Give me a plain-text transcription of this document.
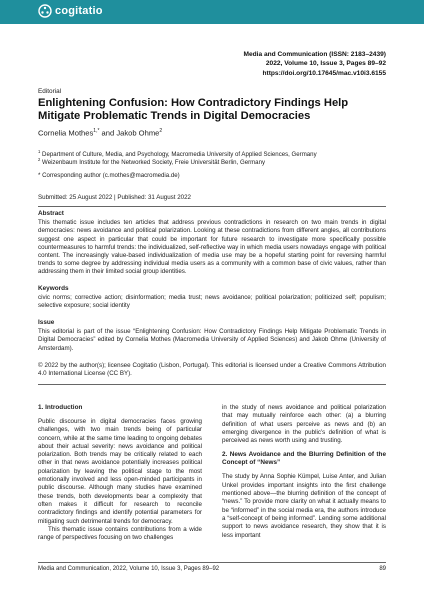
cogitatio
Media and Communication (ISSN: 2183–2439)
2022, Volume 10, Issue 3, Pages 89–92
https://doi.org/10.17645/mac.v10i3.6155
Editorial
Enlightening Confusion: How Contradictory Findings Help Mitigate Problematic Trends in Digital Democracies
Cornelia Mothes$^{1,*}$ and Jakob Ohme$^2$
$^1$ Department of Culture, Media, and Psychology, Macromedia University of Applied Sciences, Germany
$^2$ Weizenbaum Institute for the Networked Society, Freie Universität Berlin, Germany
* Corresponding author (c.mothes@macromedia.de)
Submitted: 25 August 2022 | Published: 31 August 2022
Abstract
This thematic issue includes ten articles that address previous contradictions in research on two main trends in digital democracies: news avoidance and political polarization. Looking at these contradictions from different angles, all contributions suggest one aspect in particular that could be important for future research to investigate more specifically possible countermeasures to harmful trends: the individualized, self-reflective way in which media users nowadays engage with political content. The increasingly value-based individualization of media use may be a hopeful starting point for reversing harmful trends to some degree by addressing individual media users as a community with a common base of civic values, rather than addressing them in their limited social group identities.
Keywords
civic norms; corrective action; disinformation; media trust; news avoidance; political polarization; politicized self; populism; selective exposure; social identity
Issue
This editorial is part of the issue “Enlightening Confusion: How Contradictory Findings Help Mitigate Problematic Trends in Digital Democracies” edited by Cornelia Mothes (Macromedia University of Applied Sciences) and Jakob Ohme (University of Amsterdam).
© 2022 by the author(s); licensee Cogitatio (Lisbon, Portugal). This editorial is licensed under a Creative Commons Attribution 4.0 International License (CC BY).
1. Introduction

Public discourse in digital democracies faces growing challenges, with two main trends being of particular concern, while at the same time leading to ongoing debates about their actual severity: news avoidance and political polarization. Both trends may be critically related to each other in that news avoidance potentially increases political polarization by leaving the political stage to the most emotionally involved and less open-minded participants in public discourse. Although many studies have examined these trends, both developments bear a complexity that often makes it difficult for research to reconcile contradictory findings and identify potential parameters for mitigating such detrimental trends for democracy.

This thematic issue contains contributions from a wide range of perspectives focusing on two challenges

in the study of news avoidance and political polarization that may mutually reinforce each other: (a) a blurring definition of what users perceive as news and (b) an emerging divergence in the public’s definition of what is perceived as news worth using and trusting.

2. News Avoidance and the Blurring Definition of the Concept of “News”

The study by Anna Sophie Kümpel, Luise Anter, and Julian Unkel provides important insights into the first challenge mentioned above—the blurring definition of the concept of “news.” To provide more clarity on what it actually means to be “informed” in the social media era, the authors introduce a “self-concept of being informed”. Lending some additional support to news avoidance research, they show that it is less important

Media and Communication, 2022, Volume 10, Issue 3, Pages 89–92	89
